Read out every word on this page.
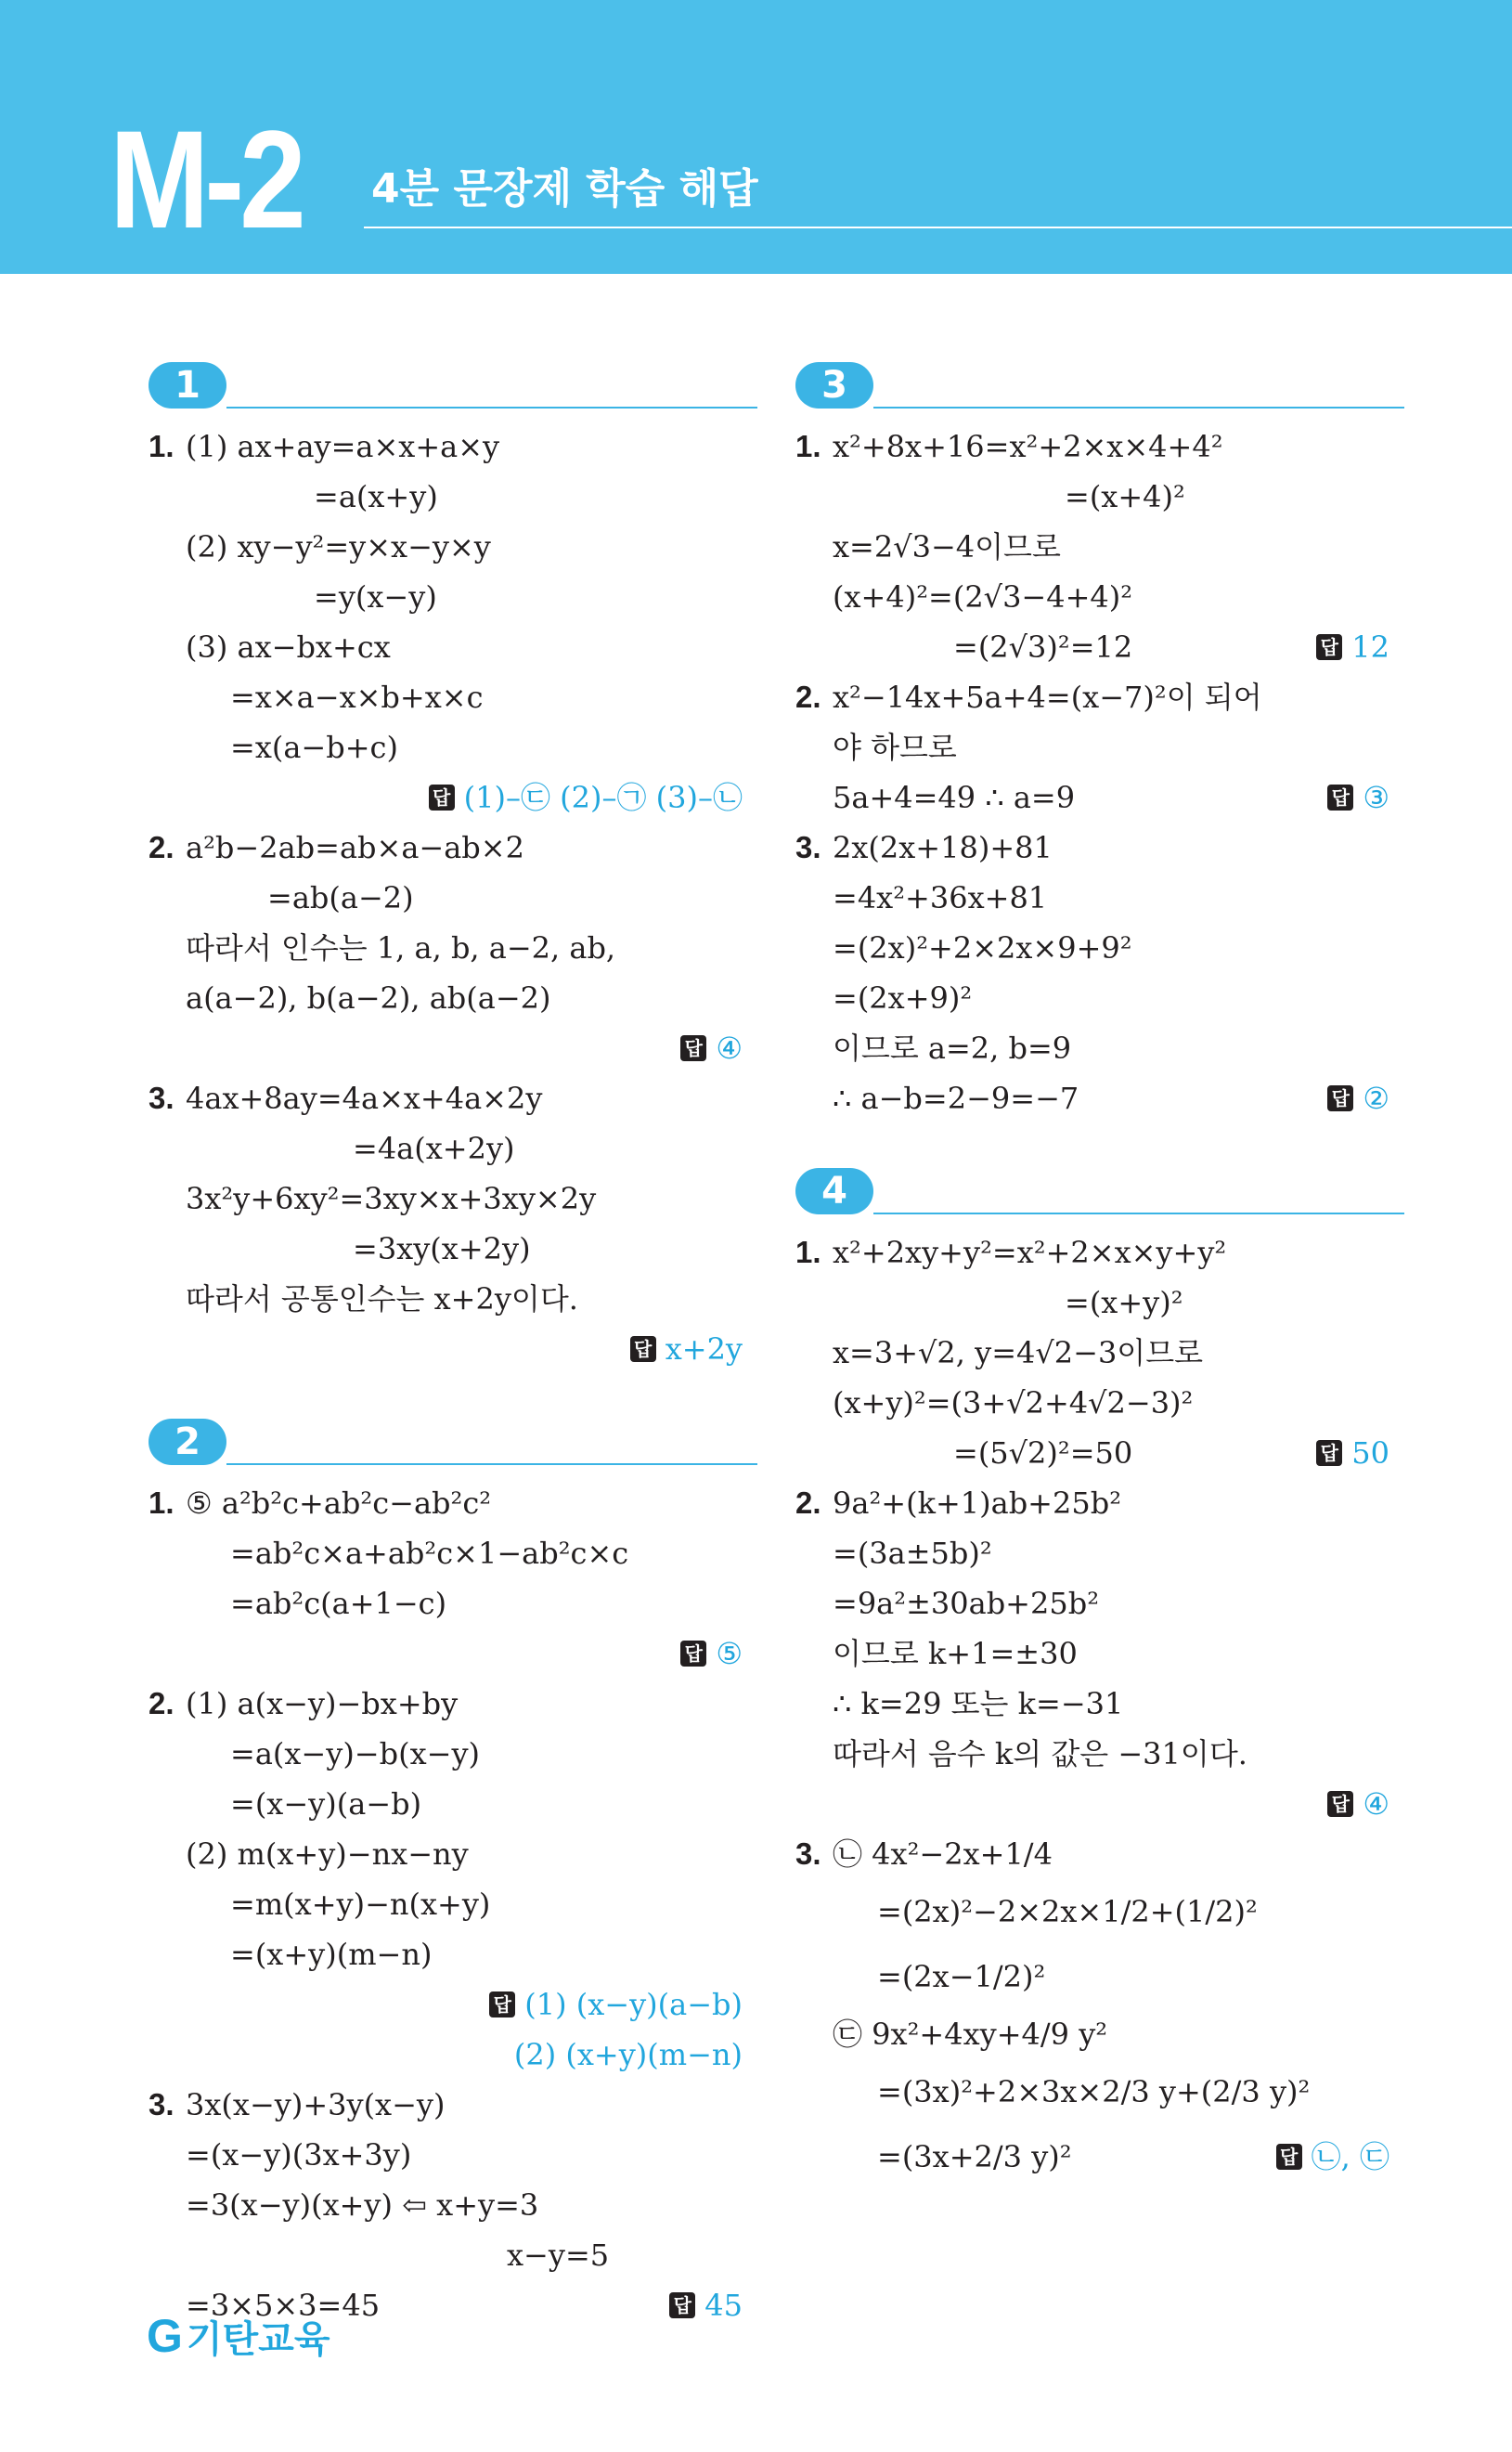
M-2 4분 문장제 학습 해답
1
1. (1) ax+ay=a×x+a×y
=a(x+y)
(2) xy−y²=y×x−y×y
=y(x−y)
(3) ax−bx+cx
=x×a−x×b+x×c
=x(a−b+c)
답 (1)–㉢ (2)–㉠ (3)–㉡
2. a²b−2ab=ab×a−ab×2
=ab(a−2)
따라서 인수는 1, a, b, a−2, ab,
a(a−2), b(a−2), ab(a−2)
답 ④
3. 4ax+8ay=4a×x+4a×2y
=4a(x+2y)
3x²y+6xy²=3xy×x+3xy×2y
=3xy(x+2y)
따라서 공통인수는 x+2y이다.
답 x+2y
2
1. ⑤ a²b²c+ab²c−ab²c²
=ab²c×a+ab²c×1−ab²c×c
=ab²c(a+1−c)
답 ⑤
2. (1) a(x−y)−bx+by
=a(x−y)−b(x−y)
=(x−y)(a−b)
(2) m(x+y)−nx−ny
=m(x+y)−n(x+y)
=(x+y)(m−n)
답 (1) (x−y)(a−b)
(2) (x+y)(m−n)
3. 3x(x−y)+3y(x−y)
=(x−y)(3x+3y)
=3(x−y)(x+y) ⇦ x+y=3
x−y=5
=3×5×3=45	답 45
3
1. x²+8x+16=x²+2×x×4+4²
=(x+4)²
x=2√3−4이므로
(x+4)²=(2√3−4+4)²
=(2√3)²=12	답 12
2. x²−14x+5a+4=(x−7)²이 되어
야 하므로
5a+4=49 ∴ a=9	답 ③
3. 2x(2x+18)+81
=4x²+36x+81
=(2x)²+2×2x×9+9²
=(2x+9)²
이므로 a=2, b=9
∴ a−b=2−9=−7	답 ②
4
1. x²+2xy+y²=x²+2×x×y+y²
=(x+y)²
x=3+√2, y=4√2−3이므로
(x+y)²=(3+√2+4√2−3)²
=(5√2)²=50	답 50
2. 9a²+(k+1)ab+25b²
=(3a±5b)²
=9a²±30ab+25b²
이므로 k+1=±30
∴ k=29 또는 k=−31
따라서 음수 k의 값은 −31이다.
답 ④
3. ㉡ 4x²−2x+1/4
=(2x)²−2×2x×1/2+(1/2)²
=(2x−1/2)²
㉢ 9x²+4xy+4/9 y²
=(3x)²+2×3x×2/3 y+(2/3 y)²
=(3x+2/3 y)²	답 ㉡, ㉢
G 기탄교육
